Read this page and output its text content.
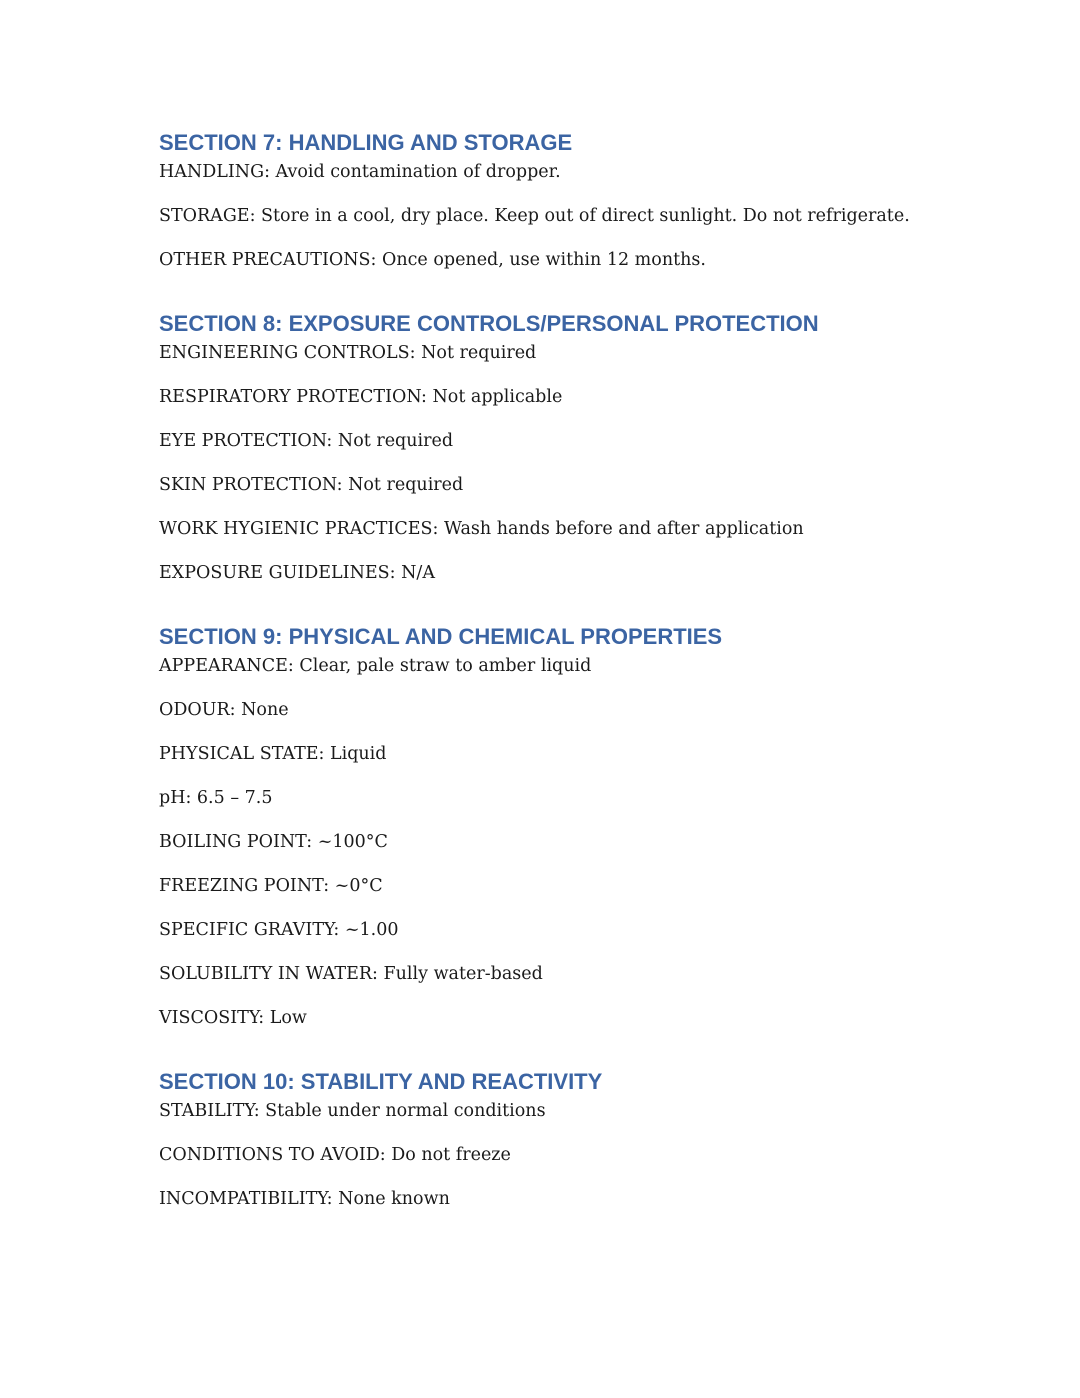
SECTION 7: HANDLING AND STORAGE
HANDLING: Avoid contamination of dropper.
STORAGE: Store in a cool, dry place. Keep out of direct sunlight. Do not refrigerate.
OTHER PRECAUTIONS: Once opened, use within 12 months.
SECTION 8: EXPOSURE CONTROLS/PERSONAL PROTECTION
ENGINEERING CONTROLS: Not required
RESPIRATORY PROTECTION: Not applicable
EYE PROTECTION: Not required
SKIN PROTECTION: Not required
WORK HYGIENIC PRACTICES: Wash hands before and after application
EXPOSURE GUIDELINES: N/A
SECTION 9: PHYSICAL AND CHEMICAL PROPERTIES
APPEARANCE: Clear, pale straw to amber liquid
ODOUR: None
PHYSICAL STATE: Liquid
pH: 6.5 – 7.5
BOILING POINT: ~100°C
FREEZING POINT: ~0°C
SPECIFIC GRAVITY: ~1.00
SOLUBILITY IN WATER: Fully water-based
VISCOSITY: Low
SECTION 10: STABILITY AND REACTIVITY
STABILITY: Stable under normal conditions
CONDITIONS TO AVOID: Do not freeze
INCOMPATIBILITY: None known
